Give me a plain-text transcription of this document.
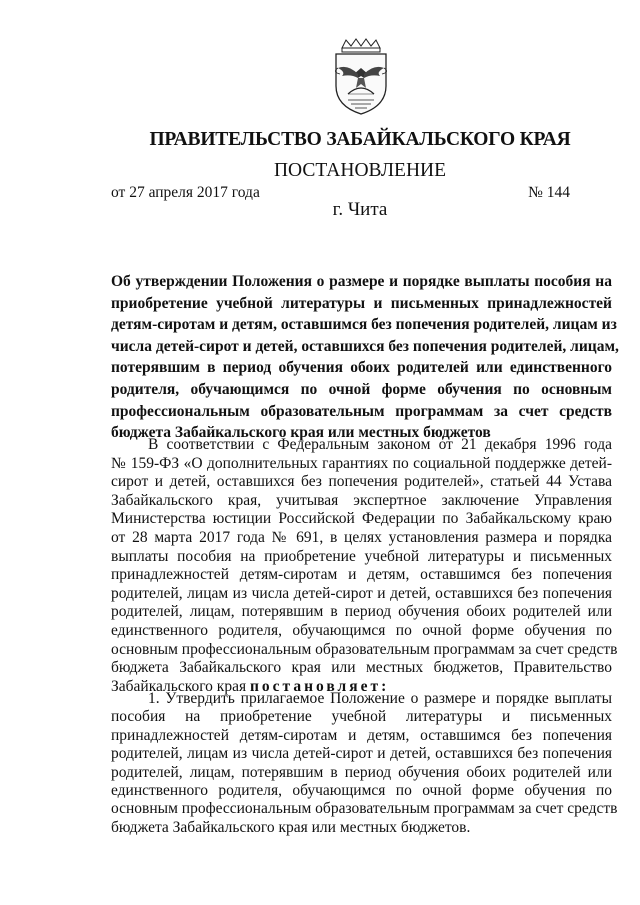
ПРАВИТЕЛЬСТВО ЗАБАЙКАЛЬСКОГО КРАЯ
ПОСТАНОВЛЕНИЕ
от 27 апреля 2017 года	№ 144
г. Чита
Об утверждении Положения о размере и порядке выплаты пособия на
приобретение учебной литературы и письменных принадлежностей
детям-сиротам и детям, оставшимся без попечения родителей, лицам из
числа детей-сирот и детей, оставшихся без попечения родителей, лицам,
потерявшим в период обучения обоих родителей или единственного
родителя, обучающимся по очной форме обучения по основным
профессиональным образовательным программам за счет средств
бюджета Забайкальского края или местных бюджетов
В соответствии с Федеральным законом от 21 декабря 1996 года
№ 159-ФЗ «О дополнительных гарантиях по социальной поддержке детей-
сирот и детей, оставшихся без попечения родителей», статьей 44 Устава
Забайкальского края, учитывая экспертное заключение Управления
Министерства юстиции Российской Федерации по Забайкальскому краю
от 28 марта 2017 года № 691, в целях установления размера и порядка
выплаты пособия на приобретение учебной литературы и письменных
принадлежностей детям-сиротам и детям, оставшимся без попечения
родителей, лицам из числа детей-сирот и детей, оставшихся без попечения
родителей, лицам, потерявшим в период обучения обоих родителей или
единственного родителя, обучающимся по очной форме обучения по
основным профессиональным образовательным программам за счет средств
бюджета Забайкальского края или местных бюджетов, Правительство
Забайкальского края постановляет:
1. Утвердить прилагаемое Положение о размере и порядке выплаты
пособия на приобретение учебной литературы и письменных
принадлежностей детям-сиротам и детям, оставшимся без попечения
родителей, лицам из числа детей-сирот и детей, оставшихся без попечения
родителей, лицам, потерявшим в период обучения обоих родителей или
единственного родителя, обучающимся по очной форме обучения по
основным профессиональным образовательным программам за счет средств
бюджета Забайкальского края или местных бюджетов.
